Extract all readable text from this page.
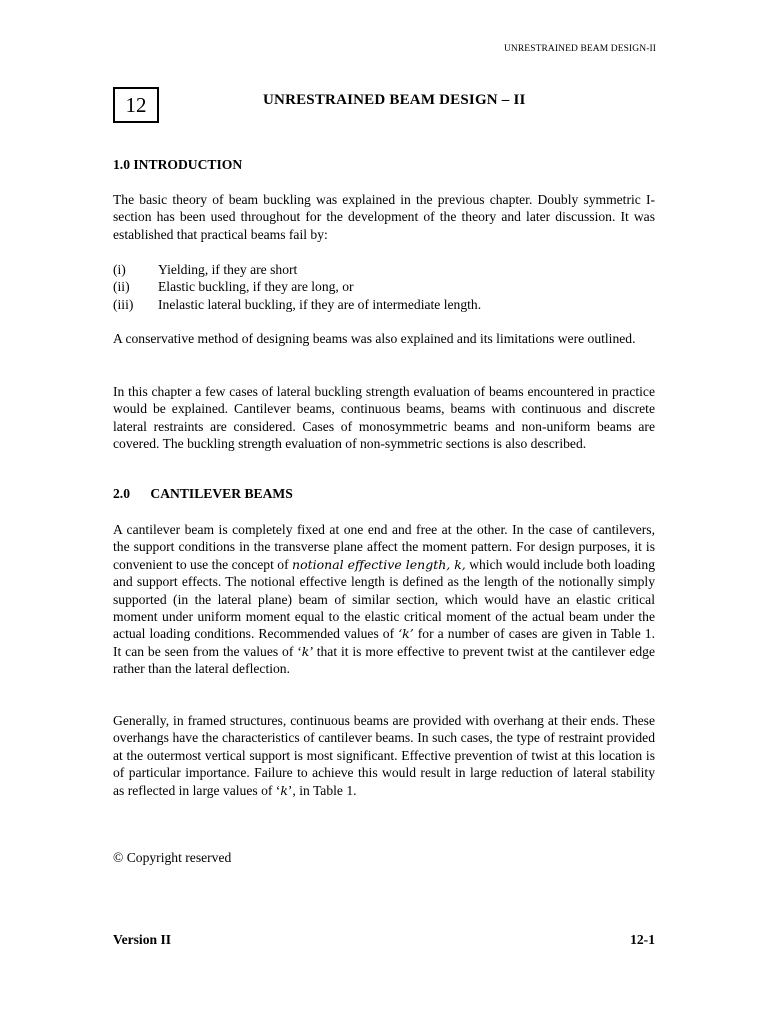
UNRESTRAINED BEAM DESIGN-II
12	UNRESTRAINED BEAM DESIGN – II
1.0 INTRODUCTION

The basic theory of beam buckling was explained in the previous chapter. Doubly symmetric I- section has been used throughout for the development of the theory and later discussion. It was established that practical beams fail by:

(i)	Yielding, if they are short
(ii)	Elastic buckling, if they are long, or
(iii)	Inelastic lateral buckling, if they are of intermediate length.

A conservative method of designing beams was also explained and its limitations were outlined.

In this chapter a few cases of lateral buckling strength evaluation of beams encountered in practice would be explained. Cantilever beams, continuous beams, beams with continuous and discrete lateral restraints are considered. Cases of monosymmetric beams and non-uniform beams are covered. The buckling strength evaluation of non-symmetric sections is also described.

2.0 CANTILEVER BEAMS

A cantilever beam is completely fixed at one end and free at the other. In the case of cantilevers, the support conditions in the transverse plane affect the moment pattern. For design purposes, it is convenient to use the concept of notional effective length, k, which would include both loading and support effects. The notional effective length is defined as the length of the notionally simply supported (in the lateral plane) beam of similar section, which would have an elastic critical moment under uniform moment equal to the elastic critical moment of the actual beam under the actual loading conditions. Recommended values of ‘k’ for a number of cases are given in Table 1. It can be seen from the values of ‘k’ that it is more effective to prevent twist at the cantilever edge rather than the lateral deflection.

Generally, in framed structures, continuous beams are provided with overhang at their ends. These overhangs have the characteristics of cantilever beams. In such cases, the type of restraint provided at the outermost vertical support is most significant. Effective prevention of twist at this location is of particular importance. Failure to achieve this would result in large reduction of lateral stability as reflected in large values of ‘k’, in Table 1.

© Copyright reserved
Version II	12-1
